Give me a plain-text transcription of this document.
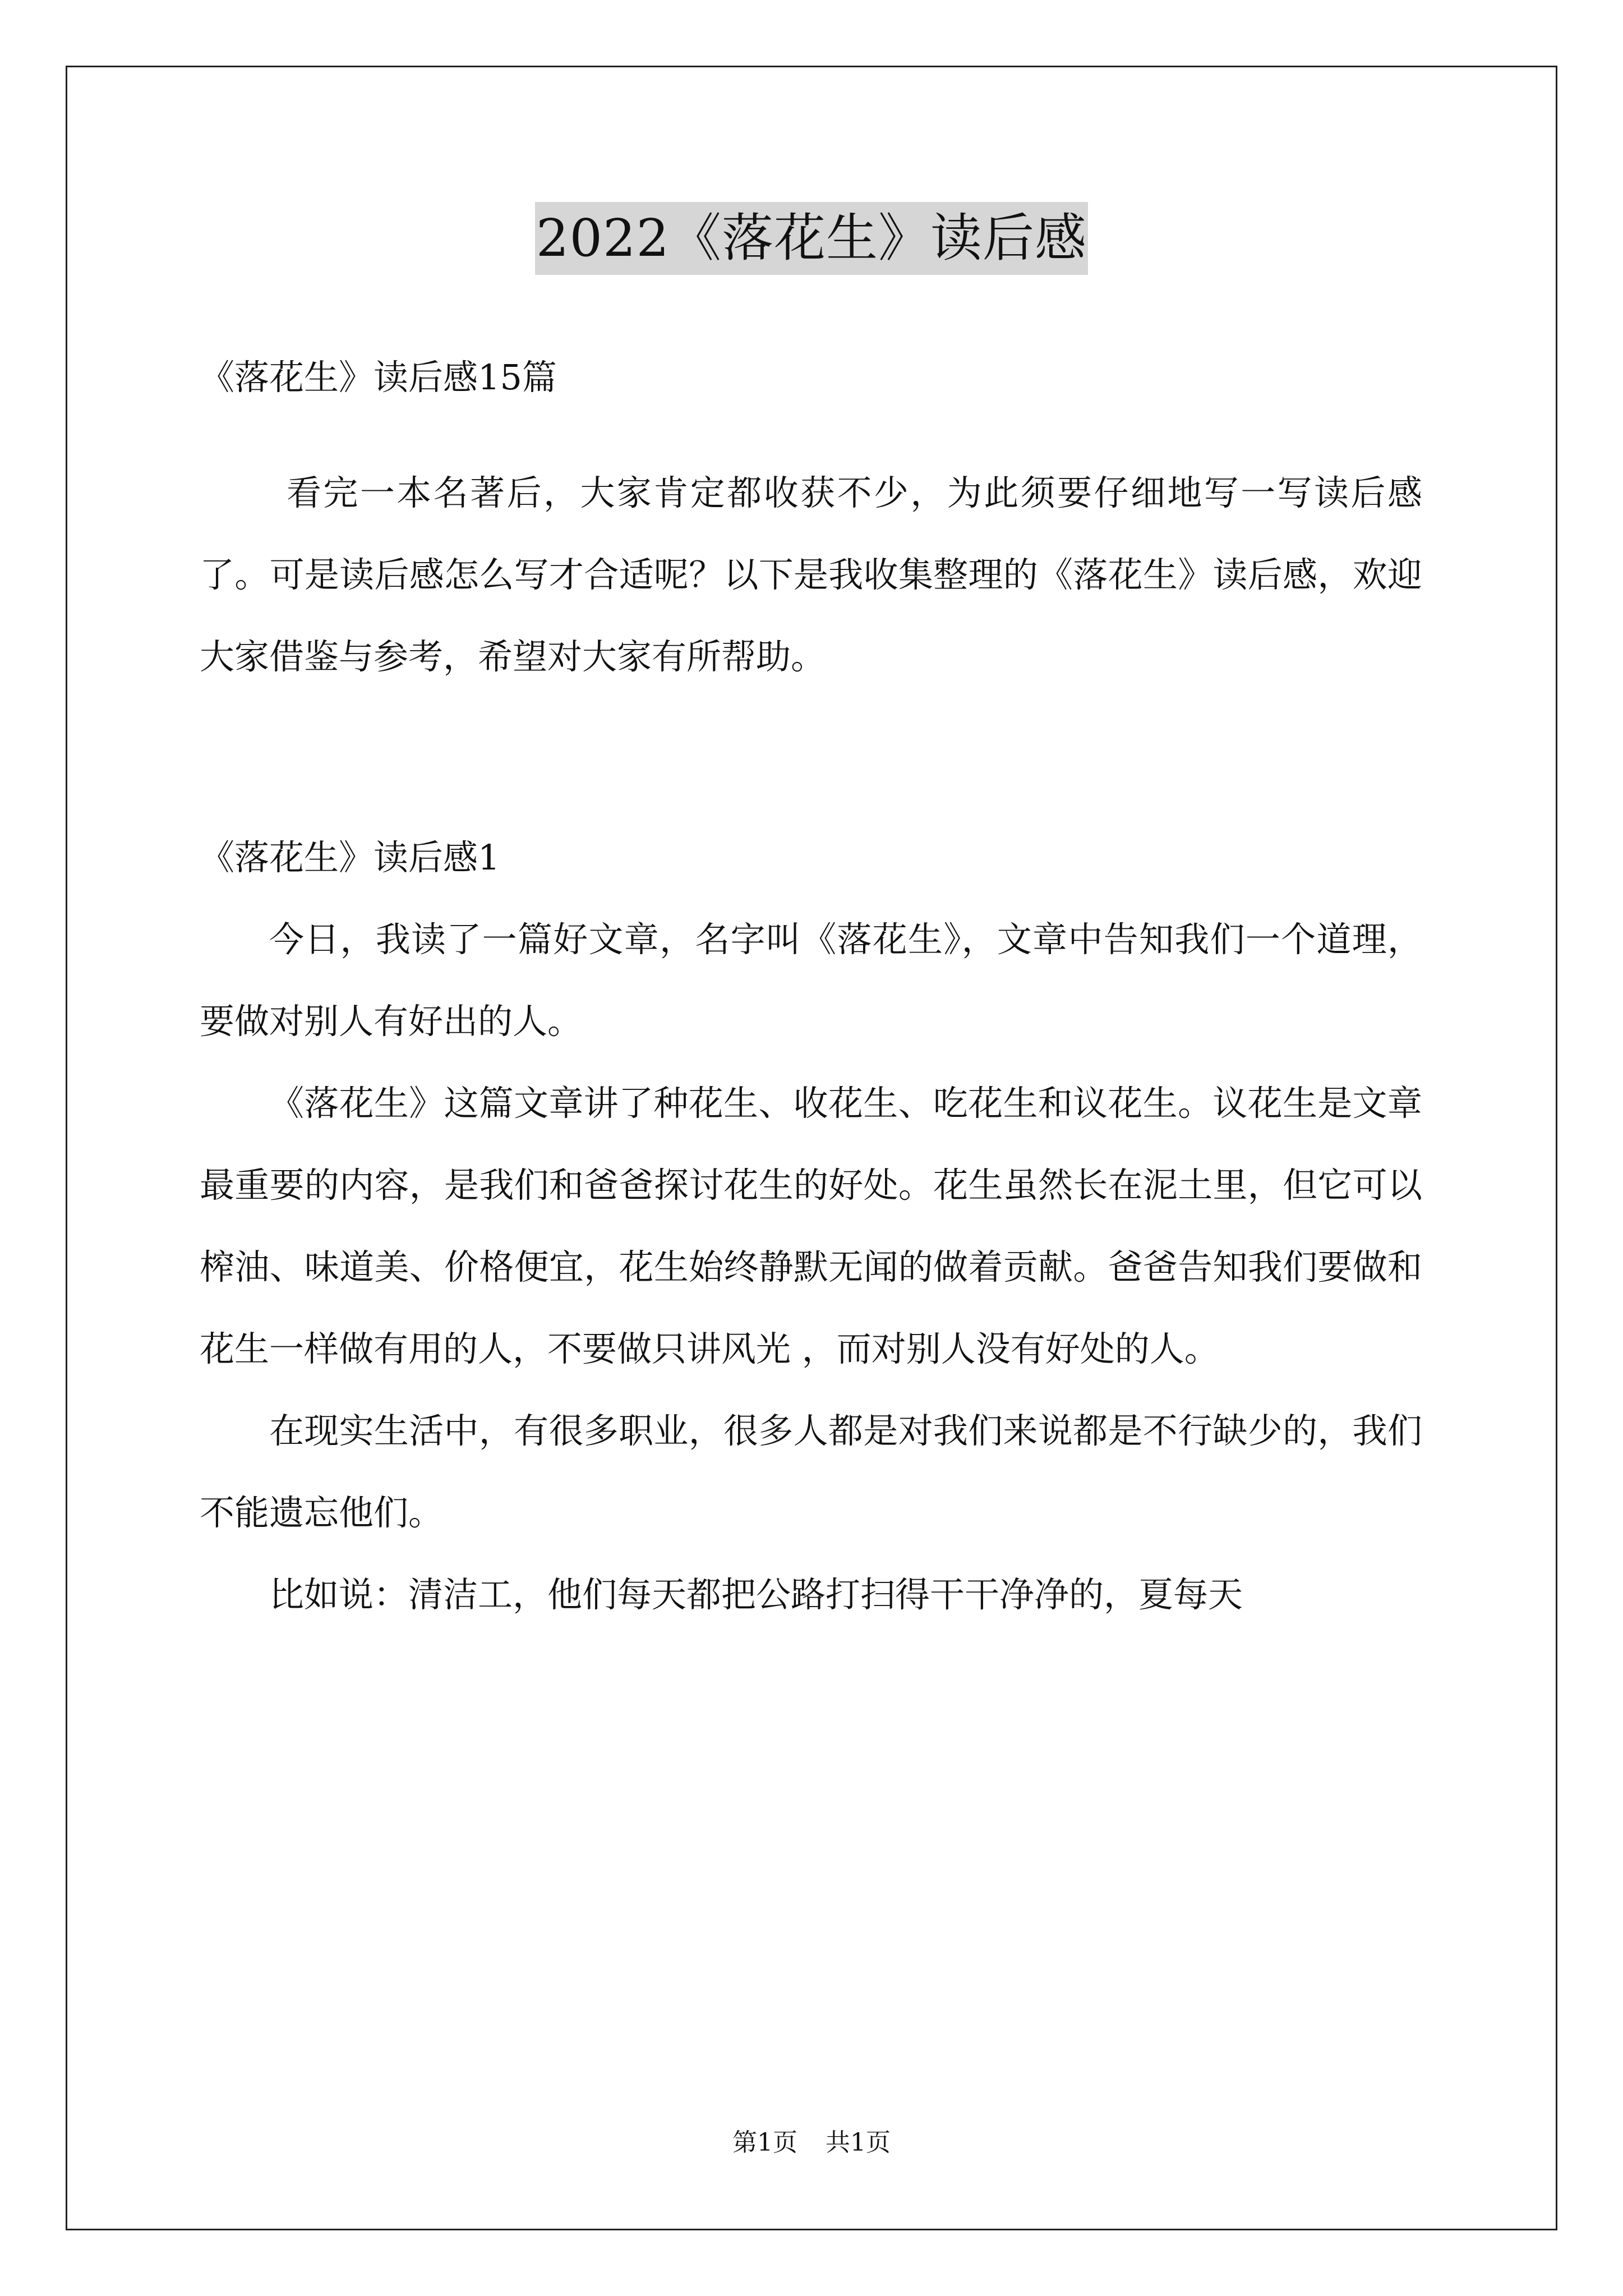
2022《落花生》读后感

《落花生》读后感15篇

看完一本名著后，大家肯定都收获不少，为此须要仔细地写一写读后感了。可是读后感怎么写才合适呢？以下是我收集整理的《落花生》读后感，欢迎大家借鉴与参考，希望对大家有所帮助。

《落花生》读后感1

今日，我读了一篇好文章，名字叫《落花生》，文章中告知我们一个道理，要做对别人有好出的人。

《落花生》这篇文章讲了种花生、收花生、吃花生和议花生。议花生是文章最重要的内容，是我们和爸爸探讨花生的好处。花生虽然长在泥土里，但它可以榨油、味道美、价格便宜，花生始终静默无闻的做着贡献。爸爸告知我们要做和花生一样做有用的人，不要做只讲风光 ，而对别人没有好处的人。

在现实生活中，有很多职业，很多人都是对我们来说都是不行缺少的，我们不能遗忘他们。

比如说：清洁工，他们每天都把公路打扫得干干净净的，夏每天

第1页 共1页
